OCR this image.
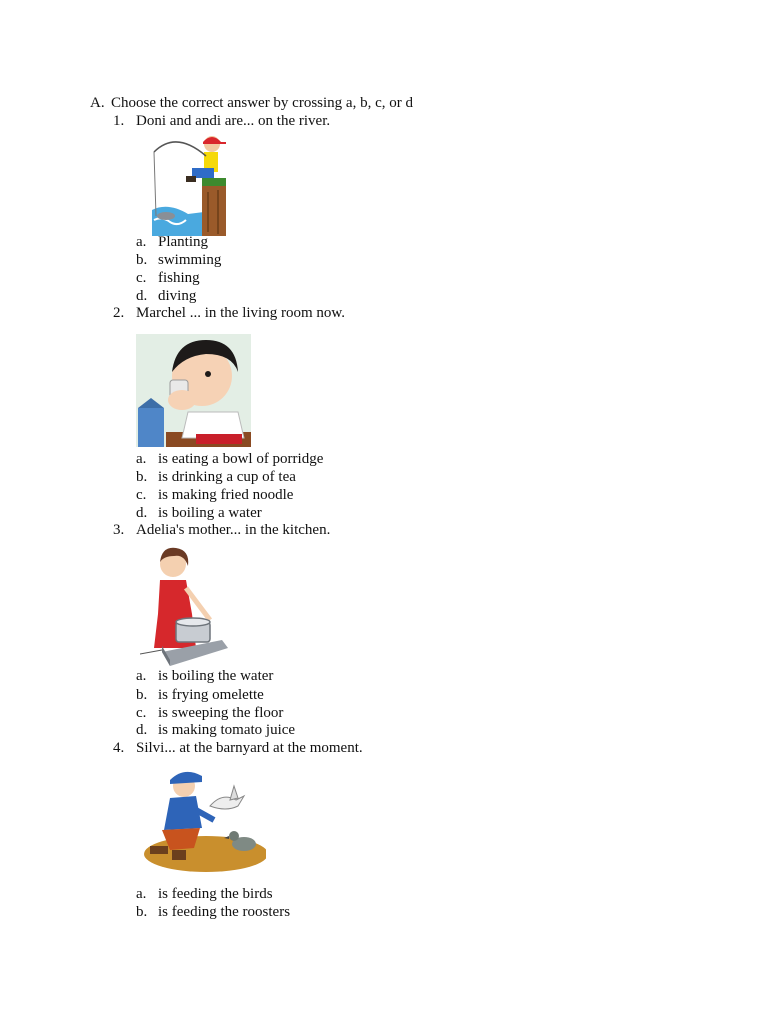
A. Choose the correct answer by crossing a, b, c, or d
1. Doni and andi are... on the river.
a. Planting
b. swimming
c. fishing
d. diving
2. Marchel ... in the living room now.
a. is eating a bowl of porridge
b. is drinking a cup of tea
c. is making fried noodle
d. is boiling a water
3. Adelia's mother... in the kitchen.
a. is boiling the water
b. is frying omelette
c. is sweeping the floor
d. is making tomato juice
4. Silvi... at the barnyard at the moment.
a. is feeding the birds
b. is feeding the roosters
